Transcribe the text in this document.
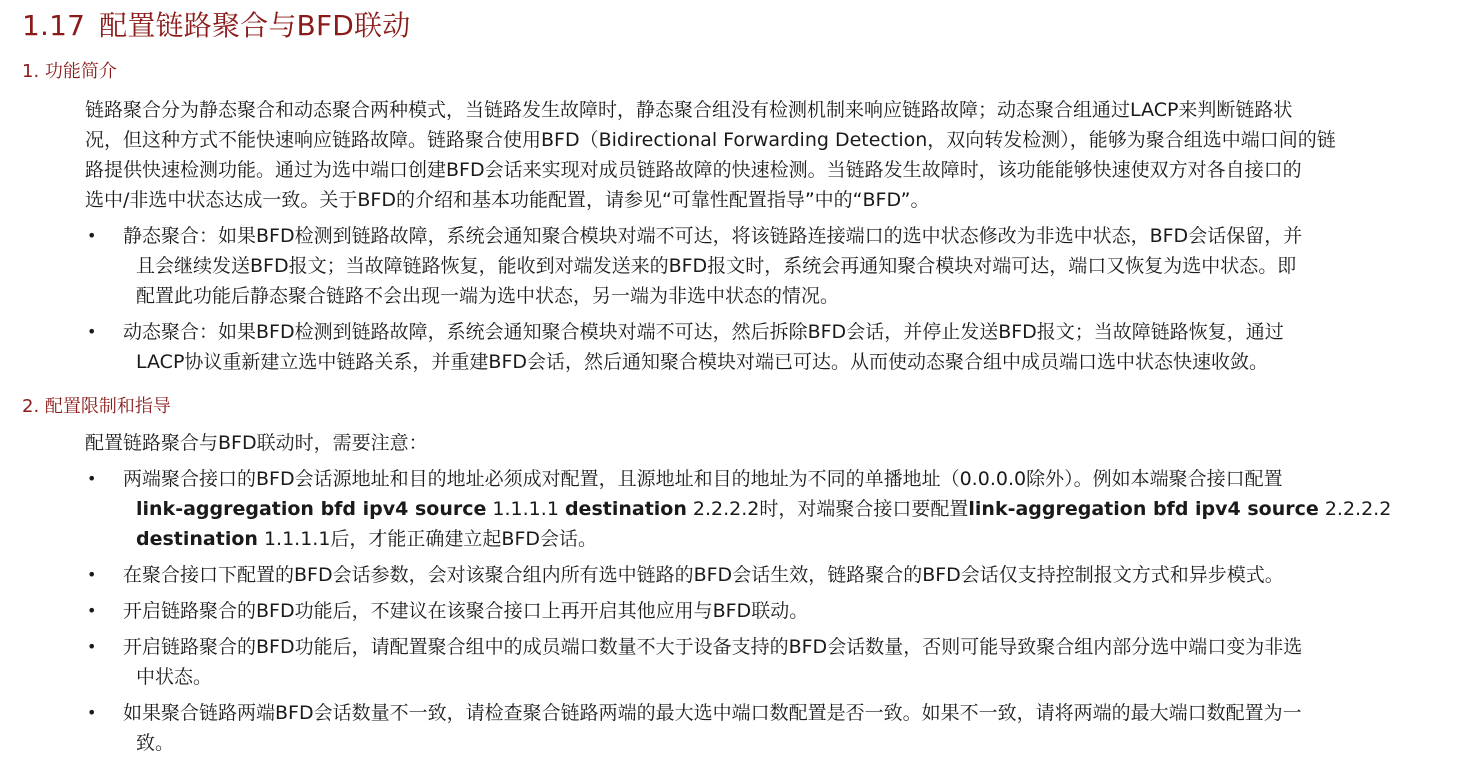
1.17 配置链路聚合与BFD联动
1. 功能简介
链路聚合分为静态聚合和动态聚合两种模式，当链路发生故障时，静态聚合组没有检测机制来响应链路故障；动态聚合组通过LACP来判断链路状
况，但这种方式不能快速响应链路故障。链路聚合使用BFD（Bidirectional Forwarding Detection，双向转发检测），能够为聚合组选中端口间的链
路提供快速检测功能。通过为选中端口创建BFD会话来实现对成员链路故障的快速检测。当链路发生故障时，该功能能够快速使双方对各自接口的
选中/非选中状态达成一致。关于BFD的介绍和基本功能配置，请参见“可靠性配置指导”中的“BFD”。
• 静态聚合：如果BFD检测到链路故障，系统会通知聚合模块对端不可达，将该链路连接端口的选中状态修改为非选中状态，BFD会话保留，并
且会继续发送BFD报文；当故障链路恢复，能收到对端发送来的BFD报文时，系统会再通知聚合模块对端可达，端口又恢复为选中状态。即
配置此功能后静态聚合链路不会出现一端为选中状态，另一端为非选中状态的情况。
• 动态聚合：如果BFD检测到链路故障，系统会通知聚合模块对端不可达，然后拆除BFD会话，并停止发送BFD报文；当故障链路恢复，通过
LACP协议重新建立选中链路关系，并重建BFD会话，然后通知聚合模块对端已可达。从而使动态聚合组中成员端口选中状态快速收敛。
2. 配置限制和指导
配置链路聚合与BFD联动时，需要注意：
• 两端聚合接口的BFD会话源地址和目的地址必须成对配置，且源地址和目的地址为不同的单播地址（0.0.0.0除外）。例如本端聚合接口配置
link-aggregation bfd ipv4 source 1.1.1.1 destination 2.2.2.2时，对端聚合接口要配置link-aggregation bfd ipv4 source 2.2.2.2
destination 1.1.1.1后，才能正确建立起BFD会话。
• 在聚合接口下配置的BFD会话参数，会对该聚合组内所有选中链路的BFD会话生效，链路聚合的BFD会话仅支持控制报文方式和异步模式。
• 开启链路聚合的BFD功能后，不建议在该聚合接口上再开启其他应用与BFD联动。
• 开启链路聚合的BFD功能后，请配置聚合组中的成员端口数量不大于设备支持的BFD会话数量，否则可能导致聚合组内部分选中端口变为非选
中状态。
• 如果聚合链路两端BFD会话数量不一致，请检查聚合链路两端的最大选中端口数配置是否一致。如果不一致，请将两端的最大端口数配置为一
致。
